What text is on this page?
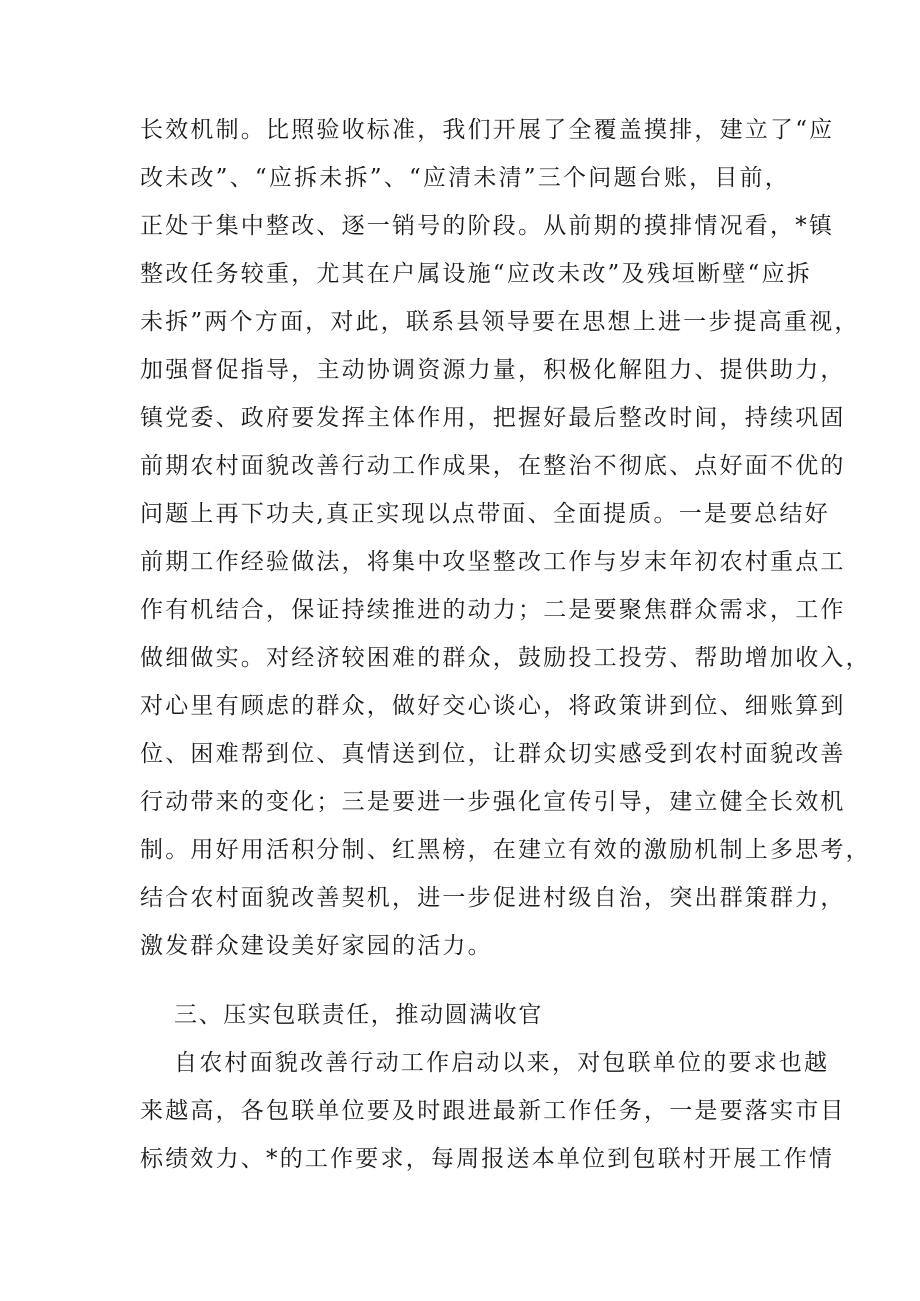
长效机制。比照验收标准，我们开展了全覆盖摸排，建立了“应
改未改”、“应拆未拆”、“应清未清”三个问题台账，目前，
正处于集中整改、逐一销号的阶段。从前期的摸排情况看，*镇
整改任务较重，尤其在户属设施“应改未改”及残垣断壁“应拆
未拆”两个方面，对此，联系县领导要在思想上进一步提高重视，
加强督促指导，主动协调资源力量，积极化解阻力、提供助力，
镇党委、政府要发挥主体作用，把握好最后整改时间，持续巩固
前期农村面貌改善行动工作成果，在整治不彻底、点好面不优的
问题上再下功夫,真正实现以点带面、全面提质。一是要总结好
前期工作经验做法，将集中攻坚整改工作与岁末年初农村重点工
作有机结合，保证持续推进的动力；二是要聚焦群众需求，工作
做细做实。对经济较困难的群众，鼓励投工投劳、帮助增加收入，
对心里有顾虑的群众，做好交心谈心，将政策讲到位、细账算到
位、困难帮到位、真情送到位，让群众切实感受到农村面貌改善
行动带来的变化；三是要进一步强化宣传引导，建立健全长效机
制。用好用活积分制、红黑榜，在建立有效的激励机制上多思考，
结合农村面貌改善契机，进一步促进村级自治，突出群策群力，
激发群众建设美好家园的活力。
三、压实包联责任，推动圆满收官
自农村面貌改善行动工作启动以来，对包联单位的要求也越
来越高，各包联单位要及时跟进最新工作任务，一是要落实市目
标绩效力、*的工作要求，每周报送本单位到包联村开展工作情
